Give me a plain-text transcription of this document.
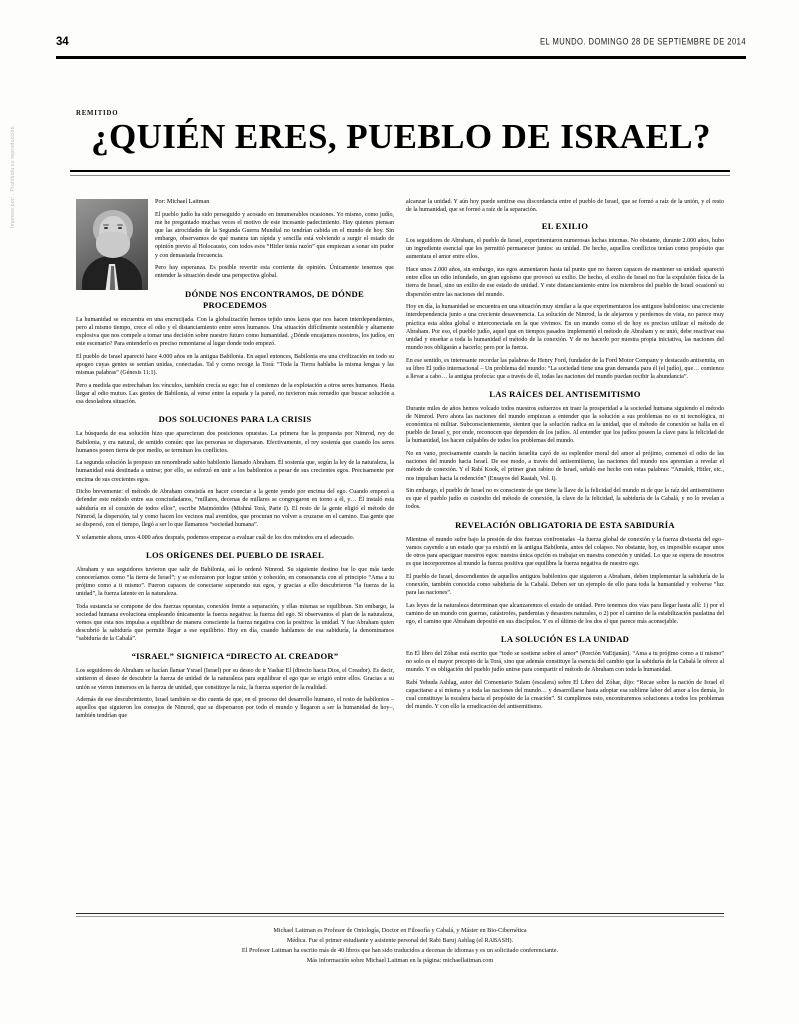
Impreso por: . Prohibida su reproducción.
34	EL MUNDO. DOMINGO 28 DE SEPTIEMBRE DE 2014
REMITIDO
¿QUIÉN ERES, PUEBLO DE ISRAEL?

Por: Michael Laitman

El pueblo judío ha sido perseguido y acosado en innumerables ocasiones. Yo mismo, como judío, me he preguntado muchas veces el motivo de este incesante padecimiento. Hay quienes piensan que las atrocidades de la Segunda Guerra Mundial no tendrían cabida en el mundo de hoy. Sin embargo, observamos de qué manera tan rápida y sencilla está volviendo a surgir el estado de opinión previo al Holocausto, con todos esos “Hitler tenía razón” que empiezan a sonar sin pudor y con demasiada frecuencia.

Pero hay esperanza. Es posible revertir esta corriente de opinión. Únicamente tenemos que entender la situación desde una perspectiva global.

DÓNDE NOS ENCONTRAMOS, DE DÓNDE PROCEDEMOS

La humanidad se encuentra en una encrucijada. Con la globalización hemos tejido unos lazos que nos hacen interdependientes, pero al mismo tiempo, crece el odio y el distanciamiento entre seres humanos. Una situación difícilmente sostenible y altamente explosiva que nos compele a tomar una decisión sobre nuestro futuro como humanidad. ¿Dónde encajamos nosotros, los judíos, en este escenario? Para entenderlo es preciso remontarse al lugar donde todo empezó.

El pueblo de Israel apareció hace 4.000 años en la antigua Babilonia. En aquel entonces, Babilonia era una civilización en todo su apogeo cuyas gentes se sentían unidas, conectadas. Tal y como recoge la Torá: “Toda la Tierra hablaba la misma lengua y las mismas palabras” (Génesis 11:1).

Pero a medida que estrechaban los vínculos, también crecía su ego: fue el comienzo de la explotación a otros seres humanos. Hasta llegar al odio mutuo. Las gentes de Babilonia, al verse entre la espada y la pared, no tuvieron más remedio que buscar solución a esa desoladora situación.

DOS SOLUCIONES PARA LA CRISIS

La búsqueda de esa solución hizo que aparecieran dos posiciones opuestas. La primera fue la propuesta por Nimrod, rey de Babilonia, y era natural, de sentido común: que las personas se dispersaran. Efectivamente, el rey sostenía que cuando los seres humanos ponen tierra de por medio, se terminan los conflictos.

La segunda solución la propuso un renombrado sabio babilonio llamado Abraham. Él sostenía que, según la ley de la naturaleza, la humanidad está destinada a unirse; por ello, se esforzó en unir a los babilonios a pesar de sus crecientes egos. Precisamente por encima de sus crecientes egos.

Dicho brevemente: el método de Abraham consistía en hacer conectar a la gente yendo por encima del ego. Cuando empezó a defender este método entre sus conciudadanos, “millares, decenas de millares se congregaron en torno a él, y… Él instaló esta sabiduría en el corazón de todos ellos”, escribe Maimónides (Mishná Torá, Parte I). El resto de la gente eligió el método de Nimrod, la dispersión, tal y como hacen los vecinos mal avenidos, que procuran no volver a cruzarse en el camino. Esa gente que se dispersó, con el tiempo, llegó a ser lo que llamamos “sociedad humana”.

Y solamente ahora, unos 4.000 años después, podemos empezar a evaluar cuál de los dos métodos era el adecuado.

LOS ORÍGENES DEL PUEBLO DE ISRAEL

Abraham y sus seguidores tuvieron que salir de Babilonia, así lo ordenó Nimrod. Su siguiente destino fue lo que más tarde conoceríamos como “la tierra de Israel”; y se esforzaron por lograr unión y cohesión, en consonancia con el principio “Ama a tu prójimo como a ti mismo”. Fueron capaces de conectarse superando sus egos, y gracias a ello descubrieron “la fuerza de la unidad”, la fuerza latente en la naturaleza.

Toda sustancia se compone de dos fuerzas opuestas, conexión frente a separación, y ellas mismas se equilibran. Sin embargo, la sociedad humana evoluciona empleando únicamente la fuerza negativa: la fuerza del ego. Si observamos el plan de la naturaleza, vemos que esta nos impulsa a equilibrar de manera consciente la fuerza negativa con la positiva: la unidad. Y fue Abraham quien descubrió la sabiduría que permite llegar a ese equilibrio. Hoy en día, cuando hablamos de esa sabiduría, la denominamos “sabiduría de la Cabalá”.

“ISRAEL” SIGNIFICA “DIRECTO AL CREADOR”

Los seguidores de Abraham se hacían llamar Ysrael (Israel) por su deseo de ir Yashar El (directo hacia Dios, el Creador). Es decir, sintieron el deseo de descubrir la fuerza de unidad de la naturaleza para equilibrar el ego que se erigió entre ellos. Gracias a su unión se vieron inmersos en la fuerza de unidad, que constituye la raíz, la fuerza superior de la realidad.

Además de ese descubrimiento, Israel también se dio cuenta de que, en el proceso del desarrollo humano, el resto de babilonios –aquellos que siguieron los consejos de Nimrod, que se dispersaron por todo el mundo y llegaron a ser la humanidad de hoy–, también tendrían que

alcanzar la unidad. Y aún hoy puede sentirse esa discordancia entre el pueblo de Israel, que se formó a raíz de la unión, y el resto de la humanidad, que se formó a raíz de la separación.

EL EXILIO

Los seguidores de Abraham, el pueblo de Israel, experimentaron numerosas luchas internas. No obstante, durante 2.000 años, hubo un ingrediente esencial que les permitió permanecer juntos: su unidad. De hecho, aquellos conflictos tenían como propósito que aumentara el amor entre ellos.

Hace unos 2.000 años, sin embargo, sus egos aumentaron hasta tal punto que no fueron capaces de mantener su unidad: apareció entre ellos un odio infundado, un gran egoísmo que provocó su exilio. De hecho, el exilio de Israel no fue la expulsión física de la tierra de Israel, sino un exilio de ese estado de unidad. Y este distanciamiento entre los miembros del pueblo de Israel ocasionó su dispersión entre las naciones del mundo.

Hoy en día, la humanidad se encuentra en una situación muy similar a la que experimentaron los antiguos babilonios: una creciente interdependencia junto a una creciente desavenencia. La solución de Nimrod, la de alejarnos y perdernos de vista, no parece muy práctica esta aldea global e interconectada en la que vivimos. En un mundo como el de hoy es preciso utilizar el método de Abraham. Por eso, el pueblo judío, aquel que en tiempos pasados implementó el método de Abraham y se unió, debe reactivar esa unidad y enseñar a toda la humanidad el método de la conexión. Y de no hacerlo por nuestra propia iniciativa, las naciones del mundo nos obligarán a hacerlo; pero por la fuerza.

En ese sentido, es interesante recordar las palabras de Henry Ford, fundador de la Ford Motor Company y destacado antisemita, en su libro El judío internacional – Un problema del mundo: “La sociedad tiene una gran demanda para él (el judío), que… comience a llevar a cabo… la antigua profecía: que a través de él, todas las naciones del mundo puedan recibir la abundancia”.

LAS RAÍCES DEL ANTISEMITISMO

Durante miles de años hemos volcado todos nuestros esfuerzos en traer la prosperidad a la sociedad humana siguiendo el método de Nimrod. Pero ahora las naciones del mundo empiezan a entender que la solución a sus problemas no es ni tecnológica, ni económica ni militar. Subconscientemente, sienten que la solución radica en la unidad, que el método de conexión se halla en el pueblo de Israel y, por ende, reconocen que dependen de los judíos. Al entender que los judíos poseen la clave para la felicidad de la humanidad, los hacen culpables de todos los problemas del mundo.

No en vano, precisamente cuando la nación israelita cayó de su esplendor moral del amor al prójimo, comenzó el odio de las naciones del mundo hacia Israel. De ese modo, a través del antisemitismo, las naciones del mundo nos apremian a revelar el método de conexión. Y el Rabí Kook, el primer gran rabino de Israel, señaló ese hecho con estas palabras: “Amalek, Hitler, etc., nos impulsan hacia la redención” (Ensayos del Raaiah, Vol. I).

Sin embargo, el pueblo de Israel no es consciente de que tiene la llave de la felicidad del mundo ni de que la raíz del antisemitismo es que el pueblo judío es custodio del método de conexión, la clave de la felicidad, la sabiduría de la Cabalá, y no lo revelan a todos.

REVELACIÓN OBLIGATORIA DE ESTA SABIDURÍA

Mientras el mundo sufre bajo la presión de dos fuerzas confrontadas –la fuerza global de conexión y la fuerza divisoria del ego– vamos cayendo a un estado que ya existió en la antigua Babilonia, antes del colapso. No obstante, hoy, es imposible escapar unos de otros para apaciguar nuestros egos: nuestra única opción es trabajar en nuestra conexión y unidad. Lo que se espera de nosotros es que incorporemos al mundo la fuerza positiva que equilibra la fuerza negativa de nuestro ego.

El pueblo de Israel, descendientes de aquellos antiguos babilonios que siguieron a Abraham, deben implementar la sabiduría de la conexión, también conocida como sabiduría de la Cabalá. Deben ser un ejemplo de ello para toda la humanidad y volverse “luz para las naciones”.

Las leyes de la naturaleza determinan que alcanzaremos el estado de unidad. Pero tenemos dos vías para llegar hasta allí: 1) por el camino de un mundo con guerras, catástrofes, pandemias y desastres naturales, o 2) por el camino de la estabilización paulatina del ego, el camino que Abraham depositó en sus discípulos. Y es el último de los dos el que parece más aconsejable.

LA SOLUCIÓN ES LA UNIDAD

En El libro del Zóhar está escrito que “todo se sostiene sobre el amor” (Porción VaEtjanán). “Ama a tu prójimo como a ti mismo” no solo es el mayor precepto de la Torá, sino que además constituye la esencia del cambio que la sabiduría de la Cabalá le ofrece al mundo. Y es obligación del pueblo judío unirse para compartir el método de Abraham con toda la humanidad.

Rabí Yehuda Ashlag, autor del Comentario Sulam (escalera) sobre El Libro del Zóhar, dijo: “Recae sobre la nación de Israel el capacitarse a sí misma y a toda las naciones del mundo… y desarrollarse hasta adoptar esa sublime labor del amor a los demás, lo cual constituye la escalera hacia el propósito de la creación”. Si cumplimos esto, encontraremos soluciones a todos los problemas del mundo. Y con ello la erradicación del antisemitismo.

Michael Laitman es Profesor de Ontología, Doctor en Filosofía y Cabalá, y Máster en Bio-Cibernética
Médica. Fue el primer estudiante y asistente personal del Rabi Baruj Ashlag (el RABASH).
El Profesor Laitman ha escrito más de 40 libros que han sido traducidos a decenas de idiomas y es un solicitado conferenciante.
Más información sobre Michael Laitman en la página: michaellaitman.com
